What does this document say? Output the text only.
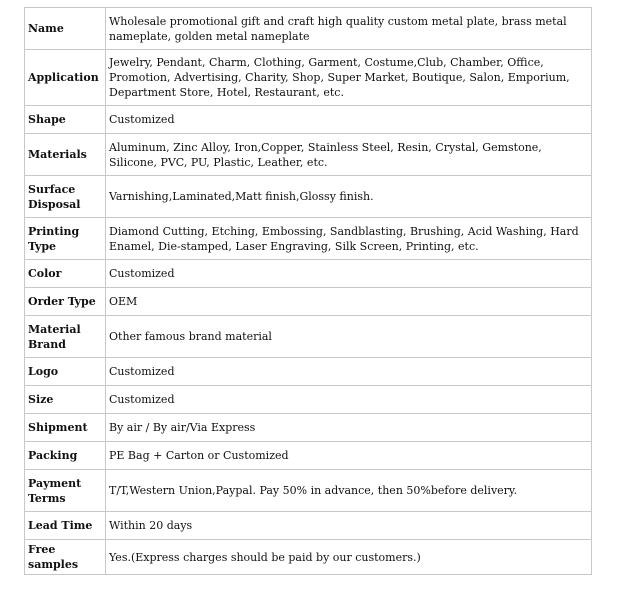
Name	Wholesale promotional gift and craft high quality custom metal plate, brass metal nameplate, golden metal nameplate
Application	Jewelry, Pendant, Charm, Clothing, Garment, Costume,Club, Chamber, Office, Promotion, Advertising, Charity, Shop, Super Market, Boutique, Salon, Emporium, Department Store, Hotel, Restaurant, etc.
Shape	Customized
Materials	Aluminum, Zinc Alloy, Iron,Copper, Stainless Steel, Resin, Crystal, Gemstone, Silicone, PVC, PU, Plastic, Leather, etc.
Surface Disposal	Varnishing,Laminated,Matt finish,Glossy finish.
Printing Type	Diamond Cutting, Etching, Embossing, Sandblasting, Brushing, Acid Washing, Hard Enamel, Die-stamped, Laser Engraving, Silk Screen, Printing, etc.
Color	Customized
Order Type	OEM
Material Brand	Other famous brand material
Logo	Customized
Size	Customized
Shipment	By air / By air/Via Express
Packing	PE Bag + Carton or Customized
Payment Terms	T/T,Western Union,Paypal. Pay 50% in advance, then 50%before delivery.
Lead Time	Within 20 days
Free samples	Yes.(Express charges should be paid by our customers.)
